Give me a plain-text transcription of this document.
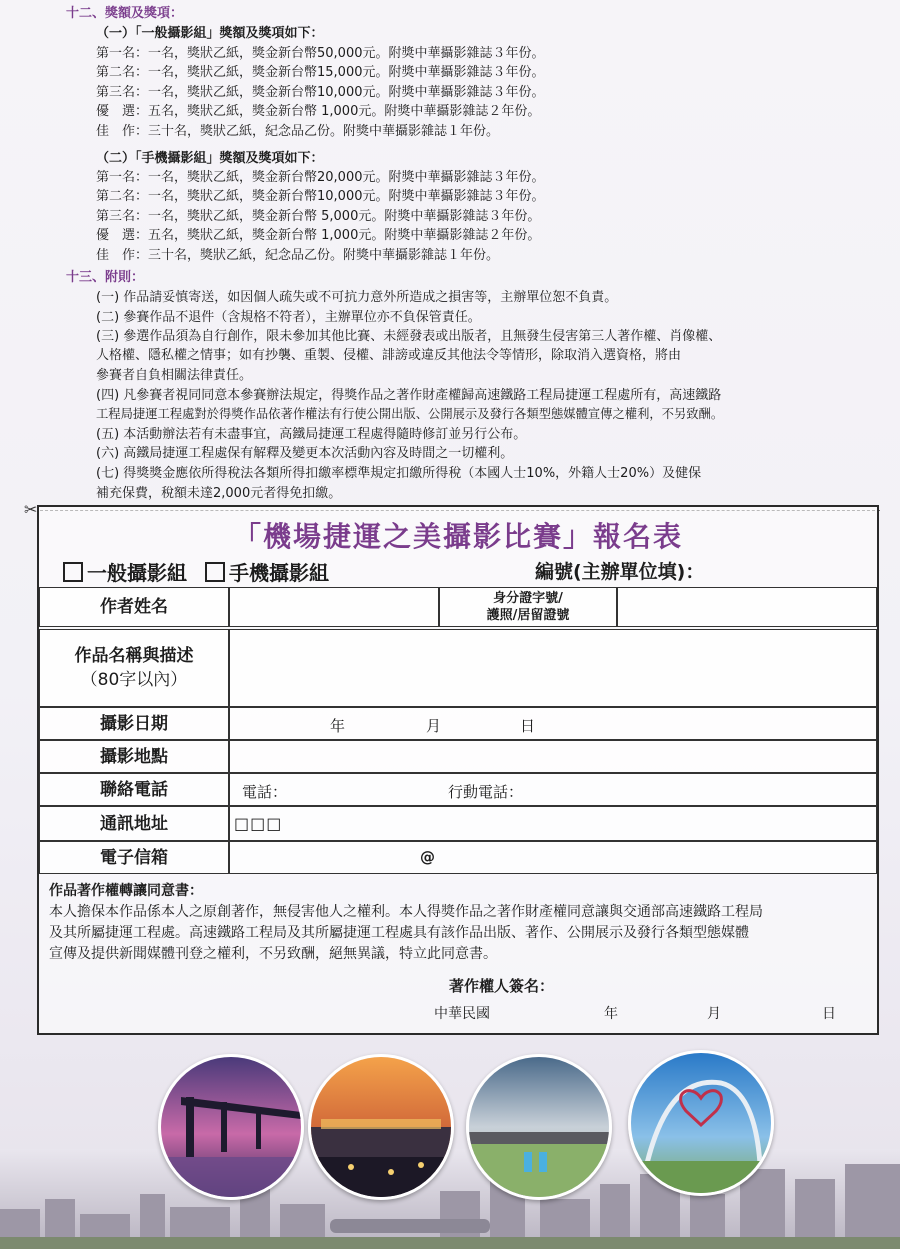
十二、獎額及獎項：
（一）「一般攝影組」獎額及獎項如下：
第一名：一名，獎狀乙紙，獎金新台幣50,000元。附獎中華攝影雜誌３年份。
第二名：一名，獎狀乙紙，獎金新台幣15,000元。附獎中華攝影雜誌３年份。
第三名：一名，獎狀乙紙，獎金新台幣10,000元。附獎中華攝影雜誌３年份。
優　選：五名，獎狀乙紙，獎金新台幣 1,000元。附獎中華攝影雜誌２年份。
佳　作：三十名，獎狀乙紙，紀念品乙份。附獎中華攝影雜誌１年份。
（二）「手機攝影組」獎額及獎項如下：
第一名：一名，獎狀乙紙，獎金新台幣20,000元。附獎中華攝影雜誌３年份。
第二名：一名，獎狀乙紙，獎金新台幣10,000元。附獎中華攝影雜誌３年份。
第三名：一名，獎狀乙紙，獎金新台幣 5,000元。附獎中華攝影雜誌３年份。
優　選：五名，獎狀乙紙，獎金新台幣 1,000元。附獎中華攝影雜誌２年份。
佳　作：三十名，獎狀乙紙，紀念品乙份。附獎中華攝影雜誌１年份。
十三、附則：
(一) 作品請妥慎寄送，如因個人疏失或不可抗力意外所造成之損害等，主辦單位恕不負責。
(二) 參賽作品不退件（含規格不符者），主辦單位亦不負保管責任。
(三) 參選作品須為自行創作，限未參加其他比賽、未經發表或出版者，且無發生侵害第三人著作權、肖像權、
人格權、隱私權之情事；如有抄襲、重製、侵權、誹謗或違反其他法令等情形，除取消入選資格，將由
參賽者自負相關法律責任。
(四) 凡參賽者視同同意本參賽辦法規定，得獎作品之著作財產權歸高速鐵路工程局捷運工程處所有，高速鐵路
工程局捷運工程處對於得獎作品依著作權法有行使公開出版、公開展示及發行各類型態媒體宣傳之權利，不另致酬。
(五) 本活動辦法若有未盡事宜，高鐵局捷運工程處得隨時修訂並另行公布。
(六) 高鐵局捷運工程處保有解釋及變更本次活動內容及時間之一切權利。
(七) 得獎獎金應依所得稅法各類所得扣繳率標準規定扣繳所得稅（本國人士10%，外籍人士20%）及健保
補充保費，稅額未達2,000元者得免扣繳。
✂
「機場捷運之美攝影比賽」報名表
一般攝影組 手機攝影組	編號(主辦單位填)：
作者姓名	身分證字號/
護照/居留證號
作品名稱與描述
（80字以內）
攝影日期	年	月	日
攝影地點
聯絡電話	電話：	行動電話：
通訊地址	□□□
電子信箱	@
作品著作權轉讓同意書：
本人擔保本作品係本人之原創著作，無侵害他人之權利。本人得獎作品之著作財產權同意讓與交通部高速鐵路工程局
及其所屬捷運工程處。高速鐵路工程局及其所屬捷運工程處具有該作品出版、著作、公開展示及發行各類型態媒體
宣傳及提供新聞媒體刊登之權利，不另致酬，絕無異議，特立此同意書。
著作權人簽名：
中華民國	年	月	日
